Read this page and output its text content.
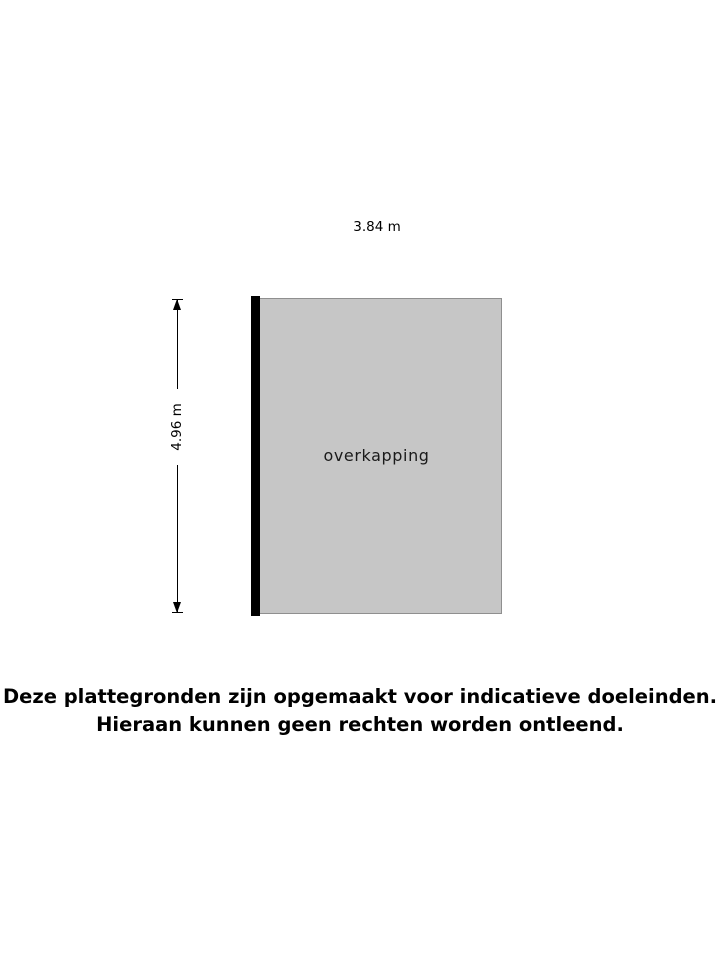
overkapping
3.84 m
4.96 m
Deze plattegronden zijn opgemaakt voor indicatieve doeleinden.
Hieraan kunnen geen rechten worden ontleend.
